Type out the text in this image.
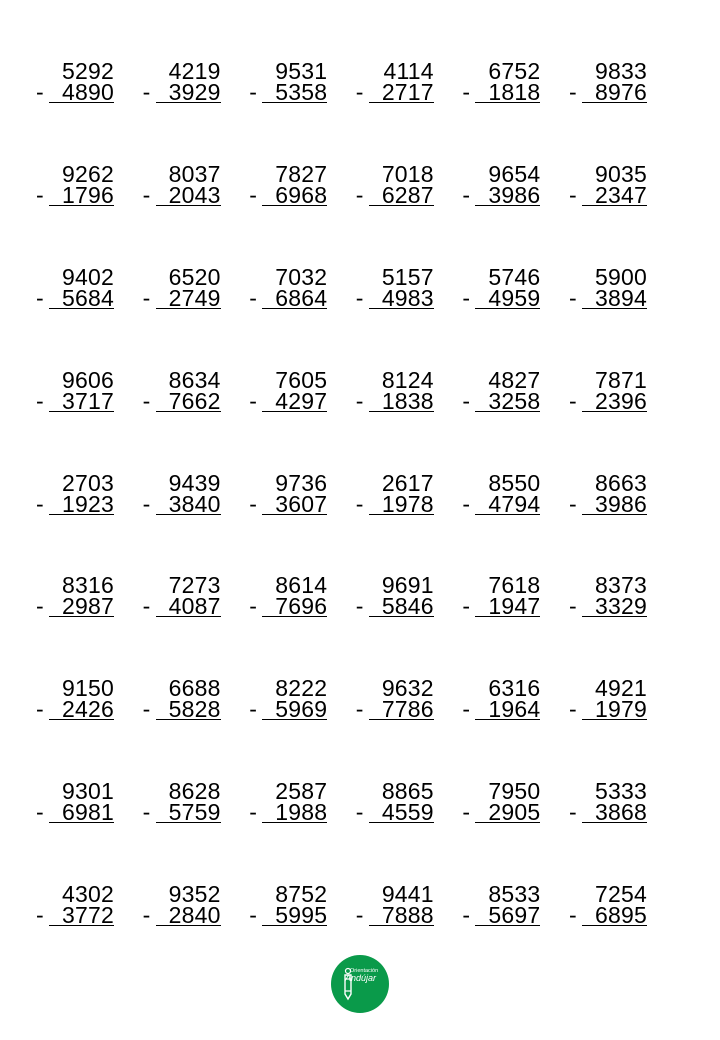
5292
- 4890
4219
- 3929
9531
- 5358
4114
- 2717
6752
- 1818
9833
- 8976
9262
- 1796
8037
- 2043
7827
- 6968
7018
- 6287
9654
- 3986
9035
- 2347
9402
- 5684
6520
- 2749
7032
- 6864
5157
- 4983
5746
- 4959
5900
- 3894
9606
- 3717
8634
- 7662
7605
- 4297
8124
- 1838
4827
- 3258
7871
- 2396
2703
- 1923
9439
- 3840
9736
- 3607
2617
- 1978
8550
- 4794
8663
- 3986
8316
- 2987
7273
- 4087
8614
- 7696
9691
- 5846
7618
- 1947
8373
- 3329
9150
- 2426
6688
- 5828
8222
- 5969
9632
- 7786
6316
- 1964
4921
- 1979
9301
- 6981
8628
- 5759
2587
- 1988
8865
- 4559
7950
- 2905
5333
- 3868
4302
- 3772
9352
- 2840
8752
- 5995
9441
- 7888
8533
- 5697
7254
- 6895
Orientación
Andújar
